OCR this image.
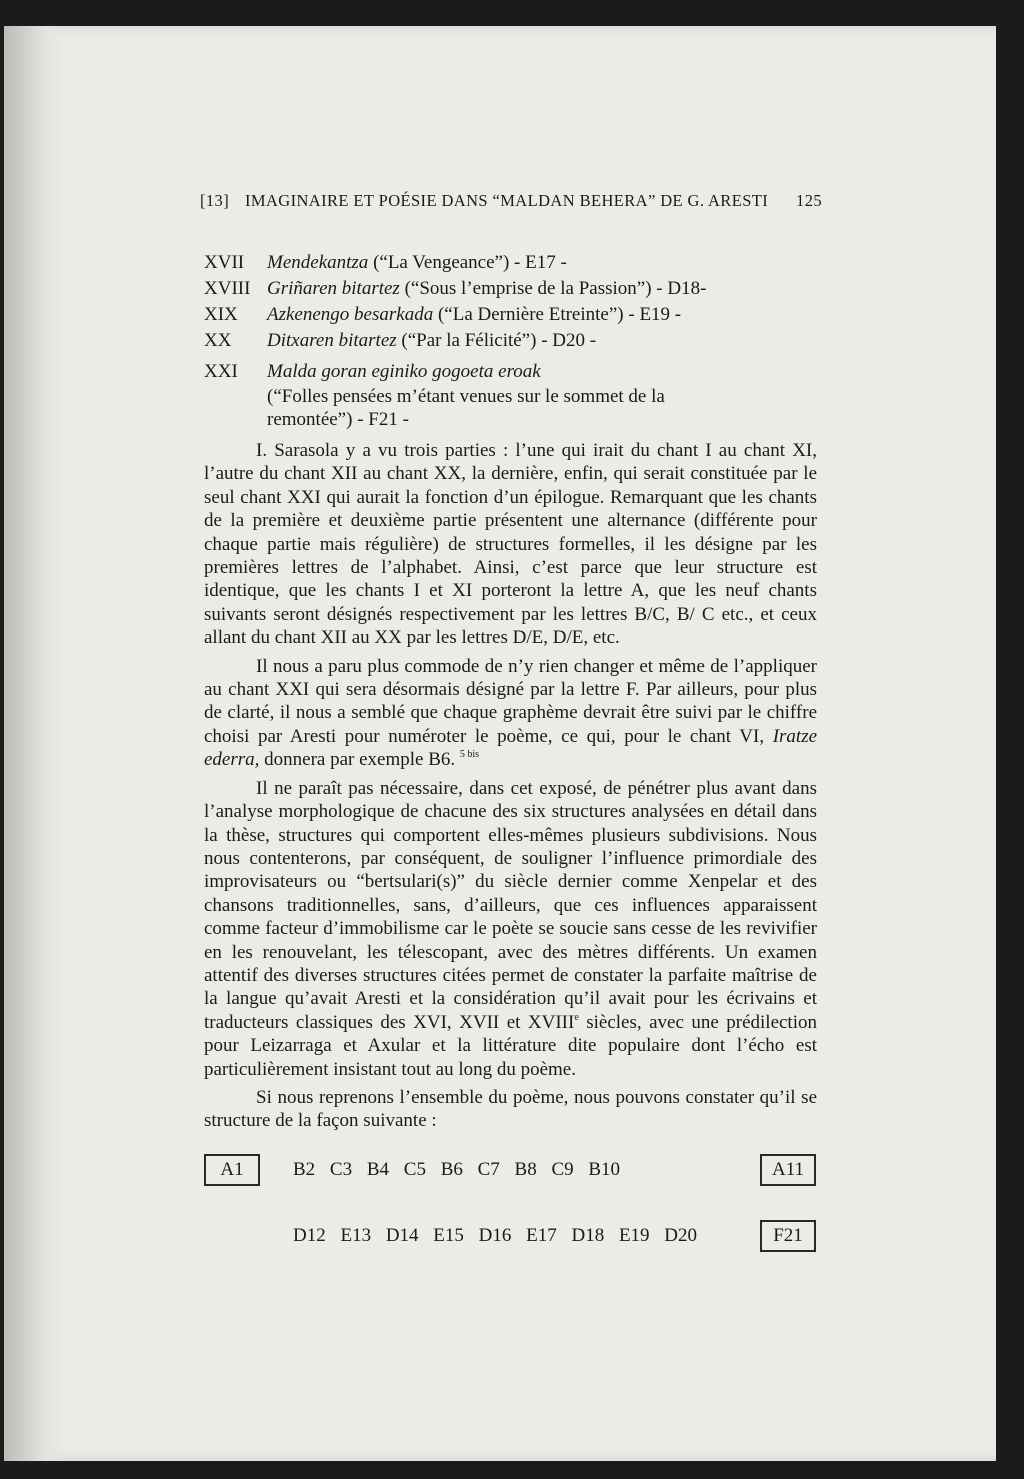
[13] IMAGINAIRE ET POÉSIE DANS “MALDAN BEHERA” DE G. ARESTI 125
XVII Mendekantza (“La Vengeance”) - E17 -
XVIII Griñaren bitartez (“Sous l’emprise de la Passion”) - D18-
XIX Azkenengo besarkada (“La Dernière Etreinte”) - E19 -
XX Ditxaren bitartez (“Par la Félicité”) - D20 -
XXI Malda goran eginiko gogoeta eroak
(“Folles pensées m’étant venues sur le sommet de la
remontée”) - F21 -

I. Sarasola y a vu trois parties : l’une qui irait du chant I au chant XI, l’autre du chant XII au chant XX, la dernière, enfin, qui serait constituée par le seul chant XXI qui aurait la fonction d’un épilogue. Remarquant que les chants de la première et deuxième partie présentent une alternance (différente pour chaque partie mais régulière) de structures formelles, il les désigne par les premières lettres de l’alphabet. Ainsi, c’est parce que leur structure est identique, que les chants I et XI porteront la lettre A, que les neuf chants suivants seront désignés respectivement par les lettres B/C, B/ C etc., et ceux allant du chant XII au XX par les lettres D/E, D/E, etc.

Il nous a paru plus commode de n’y rien changer et même de l’appliquer au chant XXI qui sera désormais désigné par la lettre F. Par ailleurs, pour plus de clarté, il nous a semblé que chaque graphème devrait être suivi par le chiffre choisi par Aresti pour numéroter le poème, ce qui, pour le chant VI, Iratze ederra, donnera par exemple B6. $^{5 bis}$

Il ne paraît pas nécessaire, dans cet exposé, de pénétrer plus avant dans l’analyse morphologique de chacune des six structures analysées en détail dans la thèse, structures qui comportent elles-mêmes plusieurs subdivisions. Nous nous contenterons, par conséquent, de souligner l’influence primordiale des improvisateurs ou “bertsulari(s)” du siècle dernier comme Xenpelar et des chansons traditionnelles, sans, d’ailleurs, que ces influences apparaissent comme facteur d’immobilisme car le poète se soucie sans cesse de les revivifier en les renouvelant, les télescopant, avec des mètres différents. Un examen attentif des diverses structures citées permet de constater la parfaite maîtrise de la langue qu’avait Aresti et la considération qu’il avait pour les écrivains et traducteurs classiques des XVI, XVII et XVIIIe siècles, avec une prédilection pour Leizarraga et Axular et la littérature dite populaire dont l’écho est particulièrement insistant tout au long du poème.

Si nous reprenons l’ensemble du poème, nous pouvons constater qu’il se structure de la façon suivante :

A1	B2 C3 B4 C5 B6 C7 B8 C9 B10	A11
D12 E13 D14 E15 D16 E17 D18 E19 D20	F21
